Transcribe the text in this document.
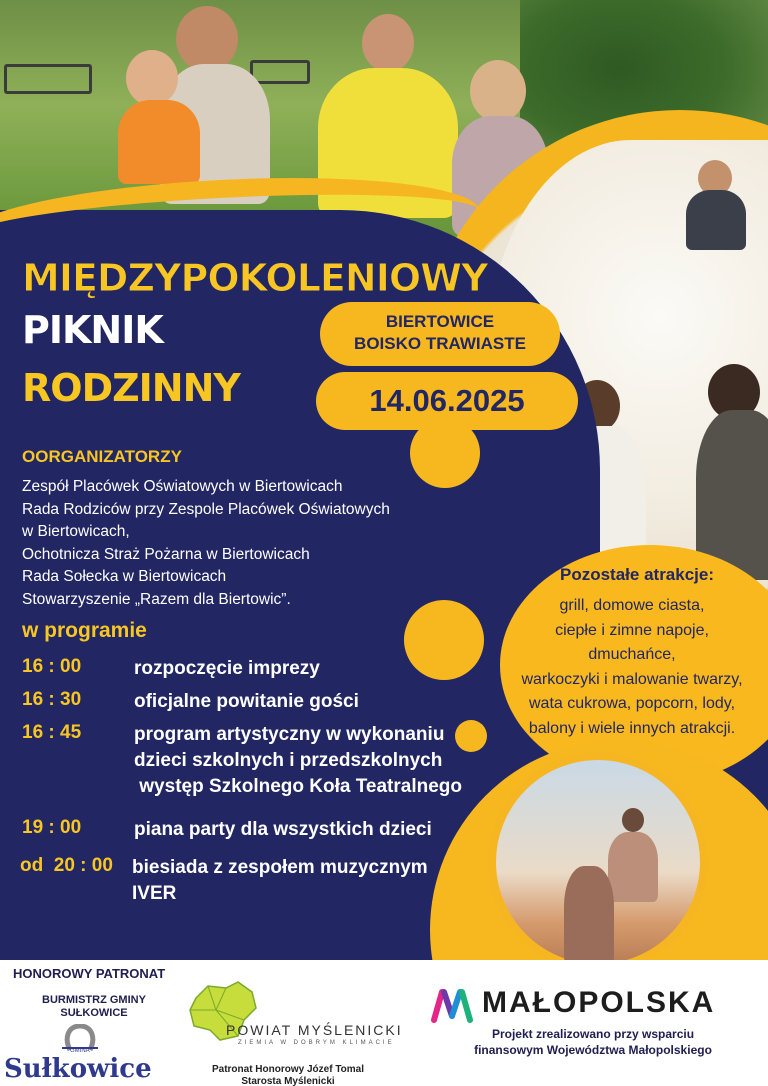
MIĘDZYPOKOLENIOWY
PIKNIK
RODZINNY
BIERTOWICE
BOISKO TRAWIASTE
14.06.2025
OORGANIZATORZY
Zespół Placówek Oświatowych w Biertowicach
Rada Rodziców przy Zespole Placówek Oświatowych
w Biertowicach,
Ochotnicza Straż Pożarna w Biertowicach
Rada Sołecka w Biertowicach
Stowarzyszenie „Razem dla Biertowic”.
w programie
16 : 00	rozpoczęcie imprezy
16 : 30	oficjalne powitanie gości
16 : 45	program artystyczny w wykonaniu
dzieci szkolnych i przedszkolnych
występ Szkolnego Koła Teatralnego
19 : 00	piana party dla wszystkich dzieci
od  20 : 00 biesiada z zespołem muzycznym
IVER
Pozostałe atrakcje:
grill, domowe ciasta,
ciepłe i zimne napoje,
dmuchańce,
warkoczyki i malowanie twarzy,
wata cukrowa, popcorn, lody,
balony i wiele innych atrakcji.
HONOROWY PATRONAT
BURMISTRZ GMINY
SUŁKOWICE
GMINA
Sułkowice
POWIAT MYŚLENICKI
ZIEMIA W DOBRYM KLIMACIE
Patronat Honorowy Józef Tomal
Starosta Myślenicki
MAŁOPOLSKA
Projekt zrealizowano przy wsparciu
finansowym Województwa Małopolskiego
